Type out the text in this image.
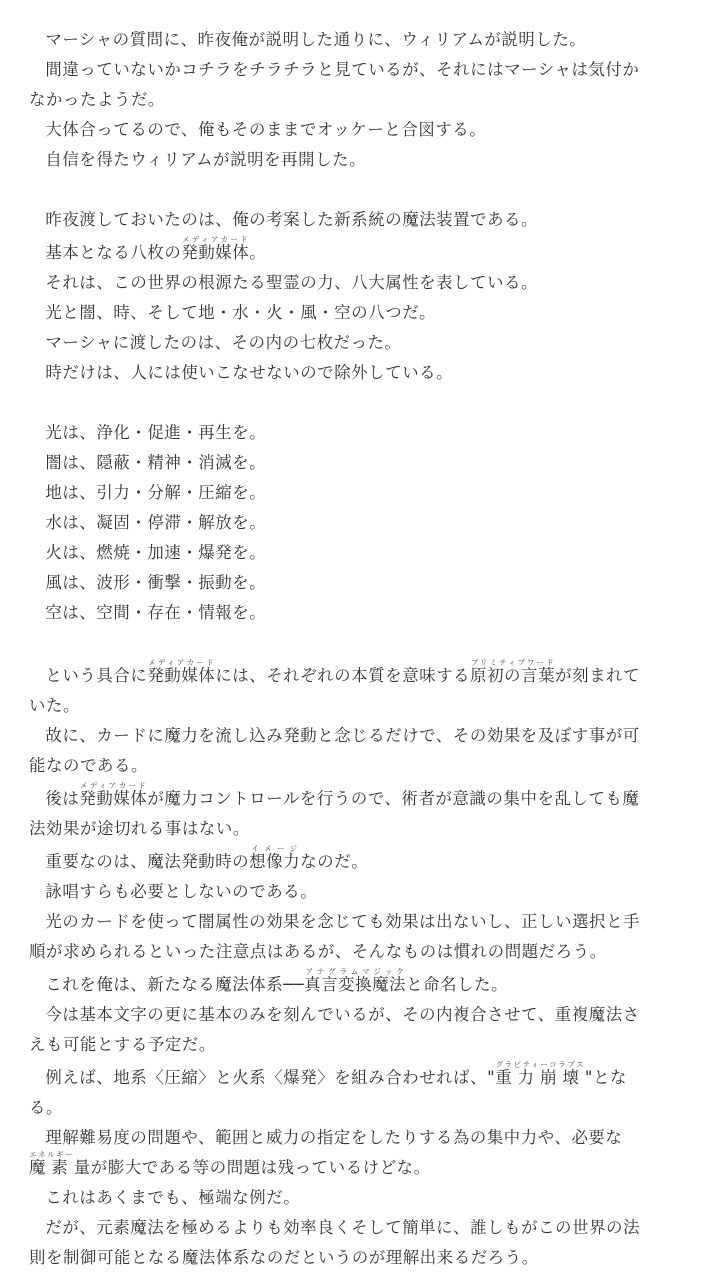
マーシャの質問に、昨夜俺が説明した通りに、ウィリアムが説明した。

間違っていないかコチラをチラチラと見ているが、それにはマーシャは気付かなかったようだ。

大体合ってるので、俺もそのままでオッケーと合図する。

自信を得たウィリアムが説明を再開した。

昨夜渡しておいたのは、俺の考案した新系統の魔法装置である。

基本となる八枚の発動媒体メディアカード。

それは、この世界の根源たる聖霊の力、八大属性を表している。

光と闇、時、そして地・水・火・風・空の八つだ。

マーシャに渡したのは、その内の七枚だった。

時だけは、人には使いこなせないので除外している。

光は、浄化・促進・再生を。

闇は、隠蔽・精神・消滅を。

地は、引力・分解・圧縮を。

水は、凝固・停滞・解放を。

火は、燃焼・加速・爆発を。

風は、波形・衝撃・振動を。

空は、空間・存在・情報を。

という具合に発動媒体メディアカードには、それぞれの本質を意味する原初の言葉プリミティブワードが刻まれていた。

故に、カードに魔力を流し込み発動と念じるだけで、その効果を及ぼす事が可能なのである。

後は発動媒体メディアカードが魔力コントロールを行うので、術者が意識の集中を乱しても魔法効果が途切れる事はない。

重要なのは、魔法発動時の想像力イメージなのだ。

詠唱すらも必要としないのである。

光のカードを使って闇属性の効果を念じても効果は出ないし、正しい選択と手順が求められるといった注意点はあるが、そんなものは慣れの問題だろう。

これを俺は、新たなる魔法体系──真言変換魔法アナグラムマジックと命名した。

今は基本文字の更に基本のみを刻んでいるが、その内複合させて、重複魔法さえも可能とする予定だ。

例えば、地系〈圧縮〉と火系〈爆発〉を組み合わせれば、"重力崩壊グラビティーコラプス"となる。

理解難易度の問題や、範囲と威力の指定をしたりする為の集中力や、必要な魔素エネルギー量が膨大である等の問題は残っているけどな。

これはあくまでも、極端な例だ。

だが、元素魔法を極めるよりも効率良くそして簡単に、誰しもがこの世界の法則を制御可能となる魔法体系なのだというのが理解出来るだろう。
